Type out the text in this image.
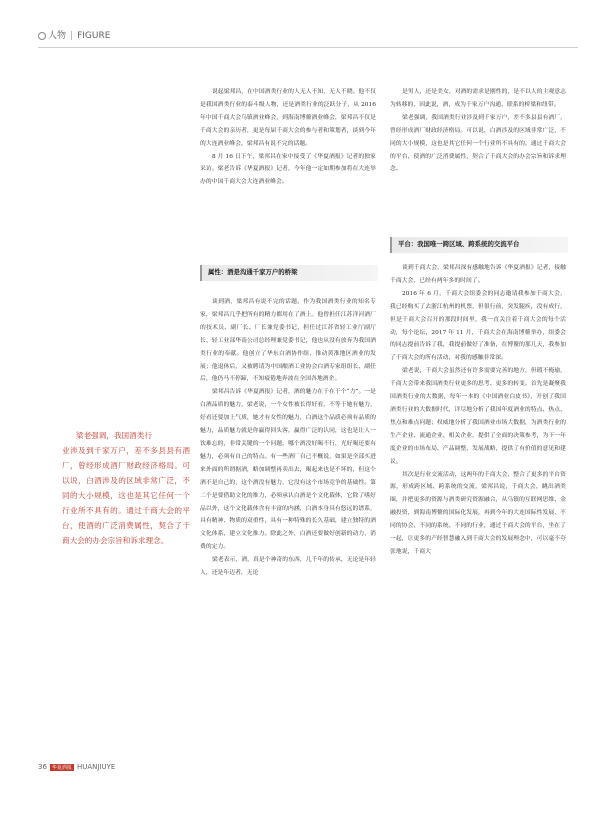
人物 | FIGURE

说起梁邦昌，在中国酒类行业的人无人不知，无人不晓。他不仅是我国酒类行业的泰斗级人物，还是酒类行业的泛跃分子，从 2016 年中国千商大会乌镇酒业峰会，到海南博鳌酒业峰会，梁邦昌不仅是千商大会的亲历者，更是每届千商大会的参与者和策划者，谈到今年的大连酒业峰会，梁邦昌有说不完的话题。

8 月 16 日下午，梁邦昌在家中接受了《华夏酒报》记者的独家采访。梁老告诉《华夏酒报》记者，今年他一定如期参加将在大连举办的中国千商大会大连酒业峰会。

属性：酒是沟通千家万户的桥梁

谈到酒，梁邦昌有说不完的话题。作为我国酒类行业的知名专家，梁邦昌几乎把所有的精力都用在了酒上。他曾担任江苏洋河酒厂的技术员、副厂长、厂长兼党委书记，担任过江苏省轻工业厅副厅长、轻工业部华南公司总经理兼党委书记，他也从没有放弃为我国酒类行业的奉献。他创立了华东白酒协作组，推动黄淮地区酒业的发展；他退休后，又被聘请为中国酿酒工业协会白酒专家组组长、副任后，他仍马不停蹄，不知疲倦地奔波在全国各地酒企。

梁邦昌告诉《华夏酒报》记者，酒的魅力在于在于个“力”。一是白酒品质的魅力，梁老说，一个女性被长得好看，不等于她有魅力，好看还要加上气质，她才有女性的魅力，白酒这个品质必须有品质的魅力，品质魅力就是你赢得回头客，赢得广泛的认同，这也是让人一饮难忘的，非常关键的一个问题，哪个酒没好喝不行，光好喝还要有魅力，必须有自己的特点。有一些酒厂自己不概说，如果是全部买进来外面的所谓据酒，略加调整再卖出去，喝起来也是不坏的，但这个酒不是自己的，这个酒没有魅力，它没有这个市场竞争的基础性。第二个是要借助文化的推力，必须承认白酒是个文化载体，它除了嗜好品以外，这个文化载体含有丰富的内涵，白酒本身具有悠远的谱系，具有精神、物质的双重性，具有一种特殊的长久基础，建立独特的酒文化体系，建立文化推力。除此之外，白酒还要做好创新的动力，消费的定力。

梁老表示，酒，真是个神奇的东西，几千年的传承，无论是年轻人，还是年迈者，无论

是男人，还是美女，对酒的需求是刚性的，是不以人的主观意志为转移的，因此说，酒，成为千家万户沟通，联系的桥梁和纽带。

梁老强调，我国酒类行业涉及到千家万户，差不多县县有酒厂，曾经形成酒厂财政经济格局。可以说，白酒涉及的区域非常广泛，不同的大小规模，这也是其它任何一个行业所不具有的。通过千商大会的平台，使酒的广泛消费属性，契合了千商大会的办会宗旨和诉求理念。

平台：我国唯一跨区域、跨系统的交流平台

谈到千商大会，梁邦昌深有感触地告诉《华夏酒报》记者，接触千商大会，已经有两年多的时间了。

2016 年 6 月，千商大会组委会的同志邀请我参加千商大会，我已经购买了去浙江杭州的机票，但很行前，突发腿疾，没有成行，但是千商大会召开的那段时间里，我一直关注着千商大会的每个活动，每个论坛，2017 年 11 月，千商大会在海南博鳌举办，组委会的同志提前告诉了我，我提前做好了准备，在博鳌的那几天，我参加了千商大会的所有活动，对我的感触非常深。

梁老说，千商大会虽然还有许多需要完善的地方，但瑕不掩瑜，千商大会带来我国酒类行业更多的思考、更多的转变。首先是凝聚我国酒类行业的大数据，每年一本的《中国酒业白皮书》，开创了我国酒类行业的大数据时代，详尽地分析了我国年度酒业的特点、热点、焦点和难点问题；权威地分析了我国酒业市场大数据，为酒类行业的生产企业、流通企业、相关企业，提供了全面的决策参考，为下一年度企业的市场布局、产品调整、发展战略，提供了有价值的意见和建议。

其次是行业交流活动，这两年的千商大会，整合了更多的平台资源，形成跨区域、跨系统的交流，梁邦昌说，千商大会，跳出酒类圈，并把更多的资源与酒类研究资源融合，从乌镇的互联网思维、金融投资，到海南博鳌的国际化发展，再到今年的大连国际性发展，不同的协会、不同的系统、不同的行业，通过千商大会的平台，坐在了一起，让更多的产经智慧融入到千商大会的发展理念中，可以毫不夸张地说，千商大

梁老强调，我国酒类行
业涉及到千家万户，差不多县县有酒厂，曾经形成酒厂财政经济格局。可以说，白酒涉及的区域非常广泛，不同的大小规模，这也是其它任何一个行业所不具有的。通过千商大会的平台，使酒的广泛消费属性，契合了千商大会的办会宗旨和诉求理念。
36 华夏酒报 HUANJIUYE
